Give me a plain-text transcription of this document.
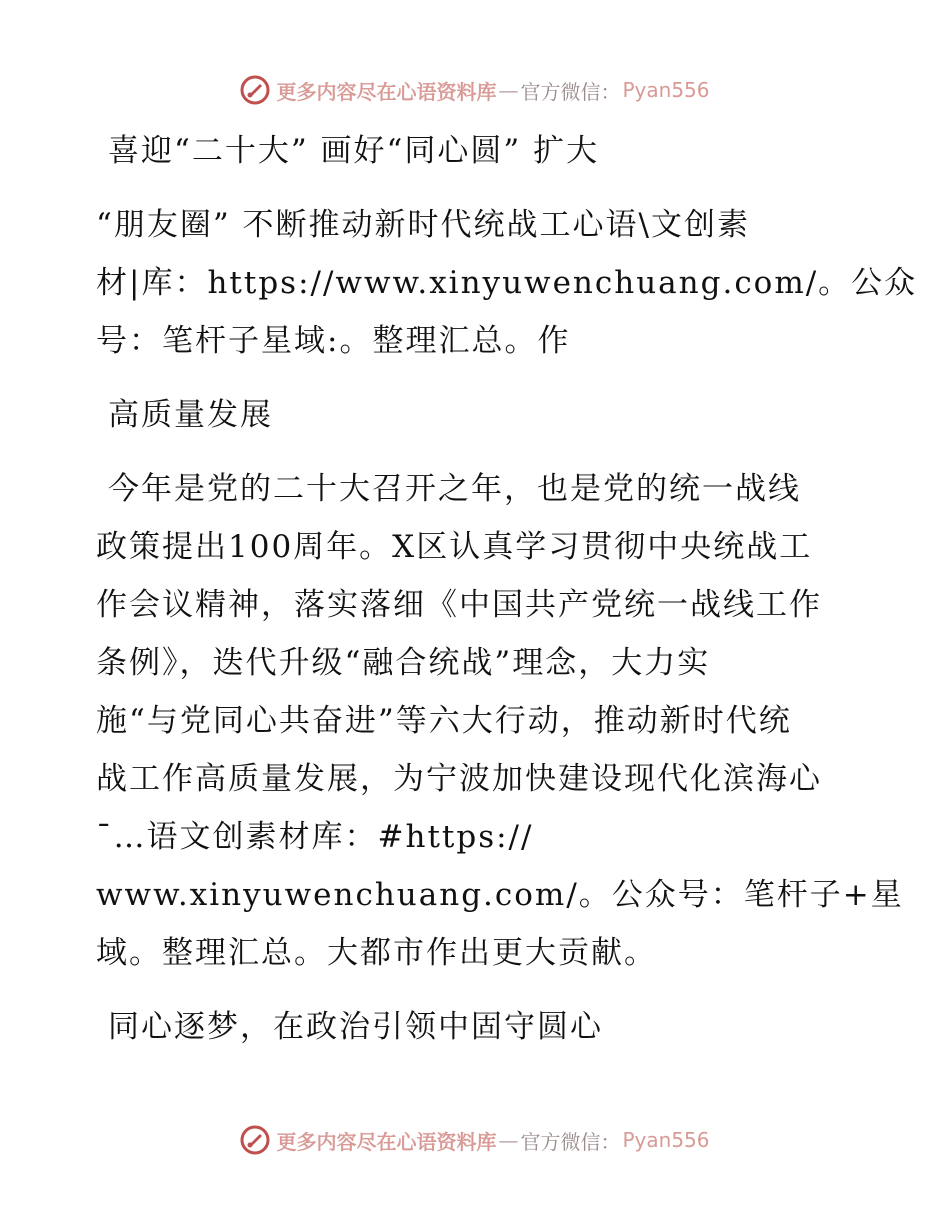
更多内容尽在心语资料库 — 官方微信： Pyan556
喜迎“二十大” 画好“同心圆” 扩大
“朋友圈” 不断推动新时代统战工心语\文创素
材|库：https://www.xinyuwenchuang.com/。公众
号：笔杆子星域:。整理汇总。作
高质量发展
今年是党的二十大召开之年，也是党的统一战线
政策提出100周年。X区认真学习贯彻中央统战工
作会议精神，落实落细《中国共产党统一战线工作
条例》，迭代升级“融合统战”理念，大力实
施“与党同心共奋进”等六大行动，推动新时代统
战工作高质量发展，为宁波加快建设现代化滨海心
¯…语文创素材库：#https://
www.xinyuwenchuang.com/。公众号：笔杆子+星
域。整理汇总。大都市作出更大贡献。
同心逐梦，在政治引领中固守圆心
更多内容尽在心语资料库 — 官方微信： Pyan556
